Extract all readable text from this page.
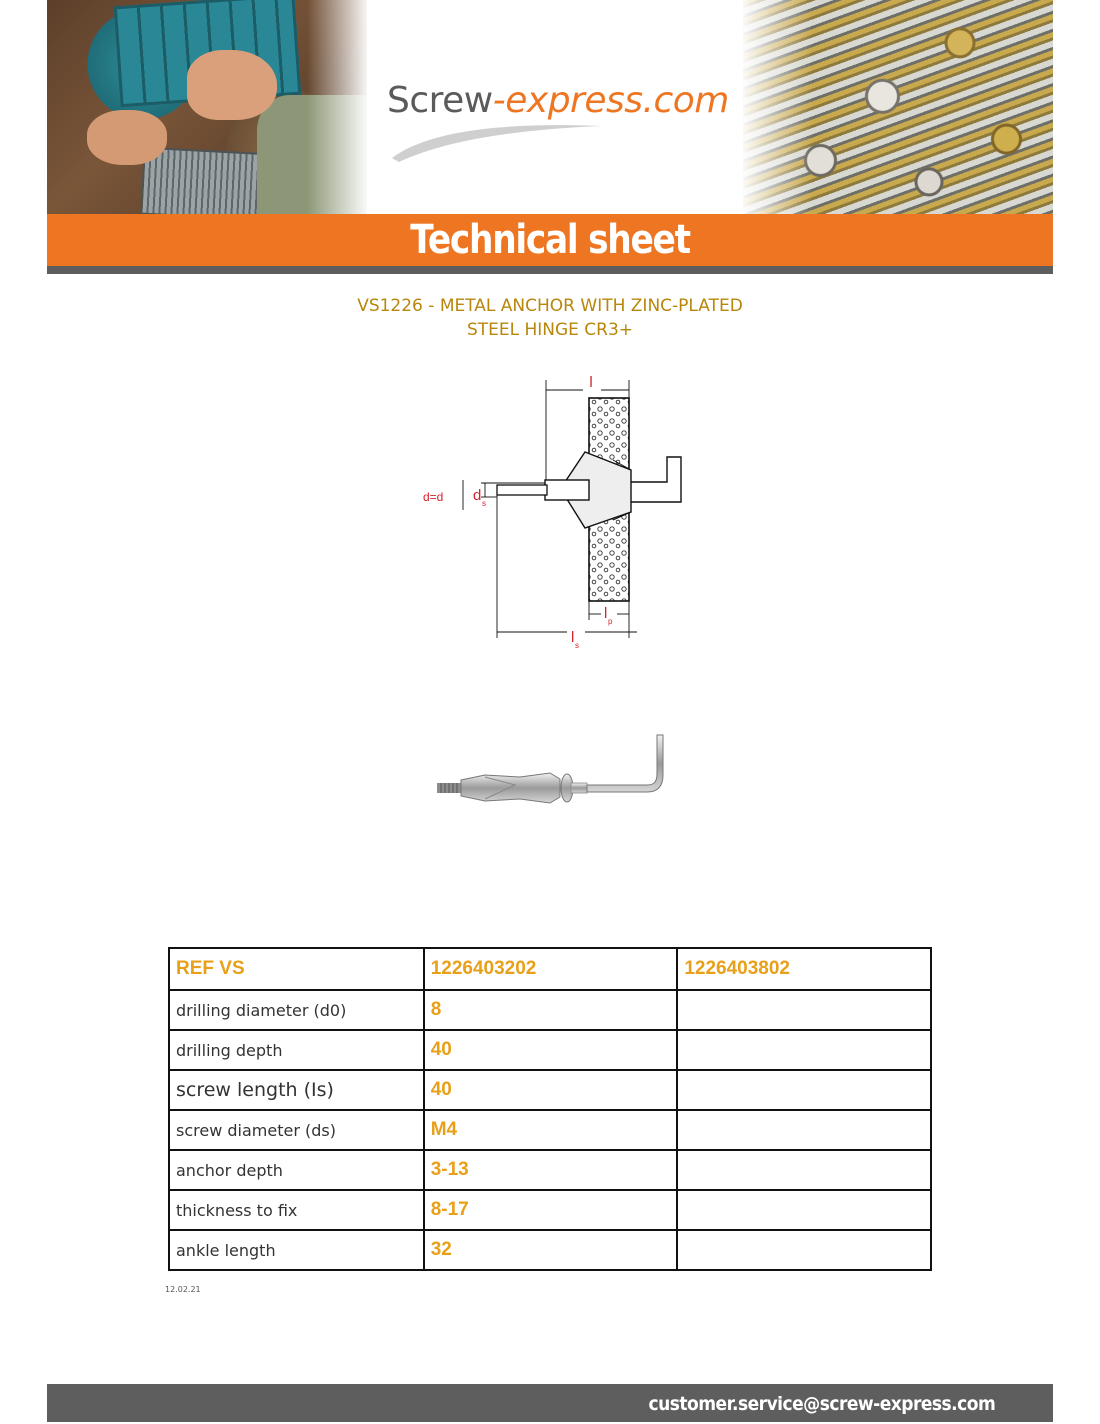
Screw-express.com
Technical sheet
VS1226 - METAL ANCHOR WITH ZINC-PLATED
STEEL HINGE CR3+
l
d=d d s
l p
l s
REF VS	1226403202	1226403802
drilling diameter (d0)	8	
drilling depth	40	
screw length (Is)	40	
screw diameter (ds)	M4	
anchor depth	3-13	
thickness to fix	8-17	
ankle length	32	
12.02.21
customer.service@screw-express.com
